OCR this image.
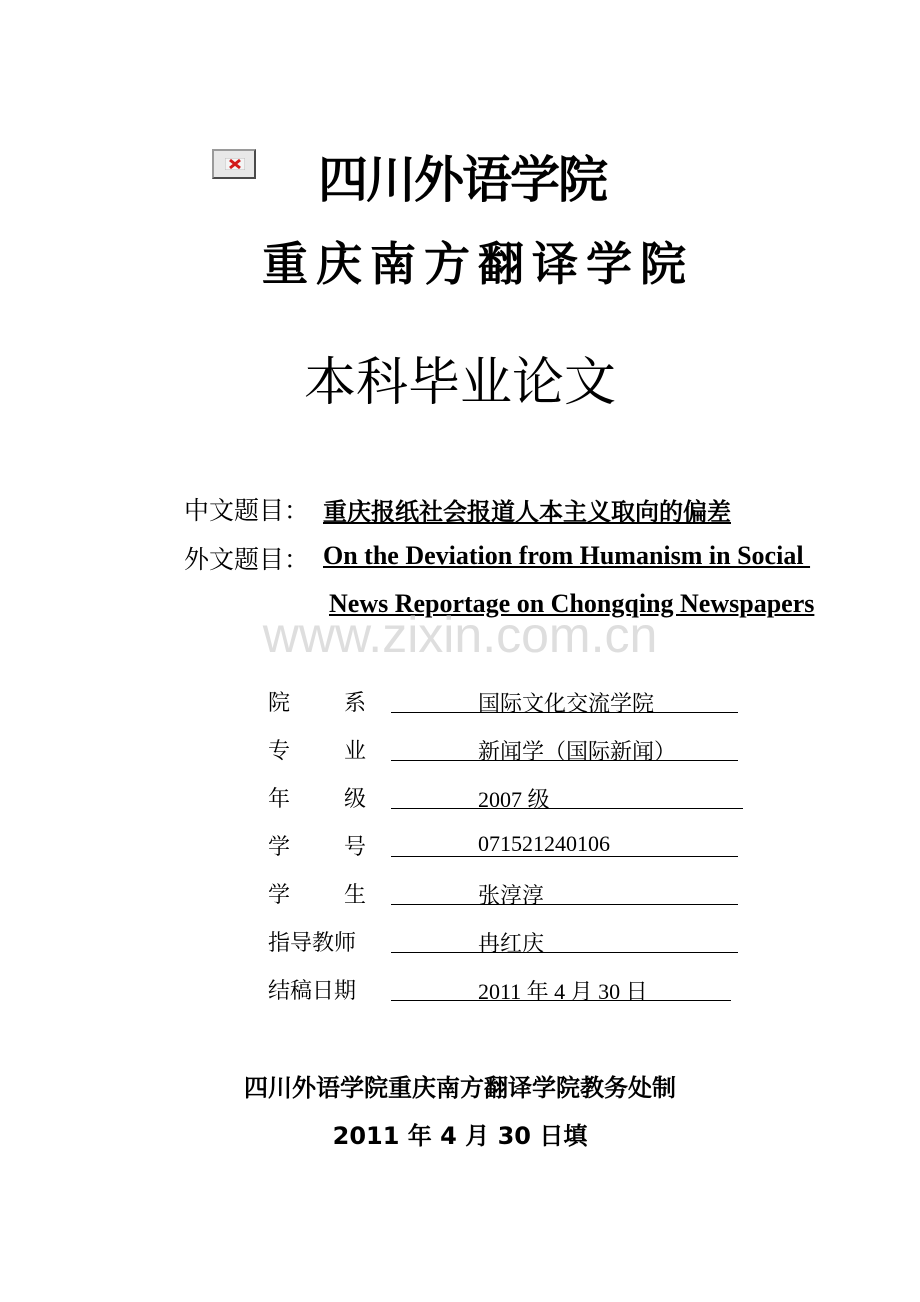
四川外语学院
重庆南方翻译学院
本科毕业论文
中文题目： 重庆报纸社会报道人本主义取向的偏差
外文题目： On the Deviation from Humanism in Social
News Reportage on Chongqing Newspapers
www.zixin.com.cn
院 系	国际文化交流学院
专 业	新闻学（国际新闻）
年 级	2007 级
学 号	071521240106
学 生	张淳淳
指导教师	冉红庆
结稿日期	2011 年 4 月 30 日
四川外语学院重庆南方翻译学院教务处制
2011 年 4 月 30 日填
